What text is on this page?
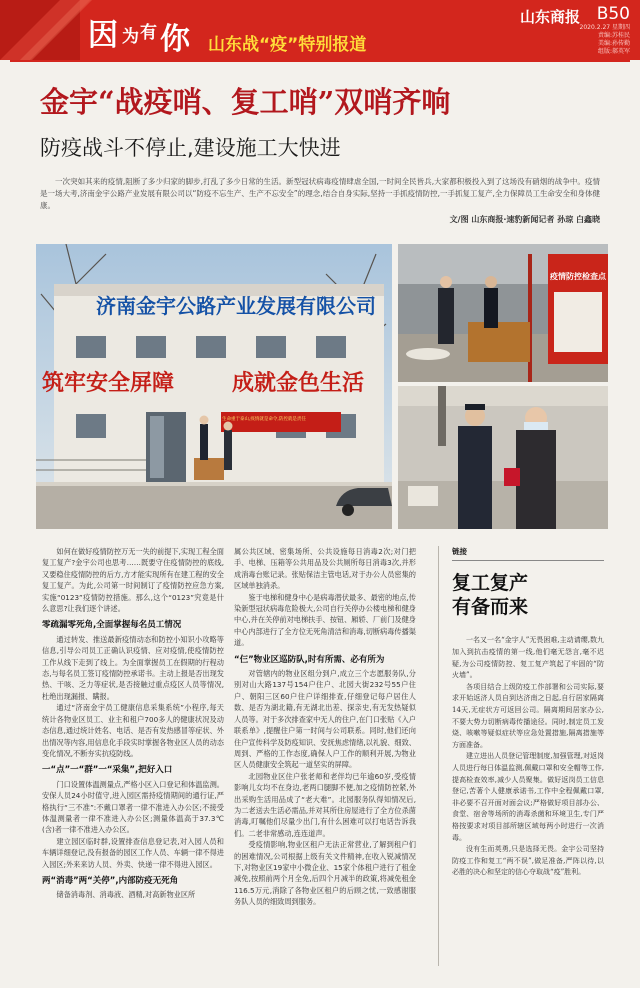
因 为 有 你 山东战“疫”特别报道
山东商报 B50
2020.2.27 星期四
责编:苏桂民
美编:孙传勤
组版:郝英军
金宇“战疫哨、复工哨”双哨齐响
防疫战斗不停止,建设施工大快进

一次突如其来的疫情,阻断了多少归家的脚步,打乱了多少日常的生活。新型冠状病毒疫情肆虐全国,一时间全民皆兵,大家都积极投入到了这场没有硝烟的战争中。疫情是一场大考,济南金宇公路产业发展有限公司以“防疫不忘生产、生产不忘安全”的理念,结合自身实际,坚持一手抓疫情防控,一手抓复工复产,全力保障员工生命安全和身体健康。

文/图 山东商报·速豹新闻记者 孙琼 白鑫晓
济南金宇公路产业发展有限公司
筑牢安全屏障	成就金色生活
生命重于泰山,疫情就是命令,防控就是责任
疫情防控检查点

如何在做好疫情防控万无一失的前提下,实现工程全面复工复产?金宇公司也思考……既要守住疫情防控的底线,又要稳住疫情防控的后方,方才能实现所有在建工程的安全复工复产。为此,公司第一时间制订了疫情防控应急方案,实施“0123”疫情防控措施。那么,这个“0123”究竟是什么意思?让我们逐个讲述。

零疏漏零死角,全面掌握每名员工情况

通过转发、推送最新疫情动态和防控小知识小攻略等信息,引导公司员工正确认识疫情、应对疫情,使疫情防控工作从线下走到了线上。为全面掌握员工在假期的行程动态,与每名员工签订疫情防控承诺书。主动上报是否出现发热、干咳、乏力等症状,是否接触过重点疫区人员等情况,杜绝出现漏报、瞒报。

通过“济南金宇员工健康信息采集系统”小程序,每天统计各物业区员工、业主和租户700多人的健康状况及动态信息,通过统计姓名、电话、是否有发热感冒等症状、外出情况等内容,用信息化手段实时掌握各物业区人员的动态变化情况,不断夯实抗疫防线。

一“点”一“群”一“采集”,把好入口

门口设置体温测量点,严格小区入口登记和体温监测。安保人员24小时值守,进入园区需持疫情期间的通行证,严格执行“三不准”:不戴口罩者一律不准进入办公区;不接受体温测量者一律不准进入办公区;测量体温高于37.3℃(含)者一律不准进入办公区。

建立园区临时群,设置排查信息登记表,对入园人员和车辆详细登记,没有报备的园区工作人员、车辆一律不得进入园区;外来来访人员、外卖、快递一律不得进入园区。

两“消毒”两“关停”,内部防疫无死角

储备消毒剂、消毒液、酒精,对高新物业区所

属公共区域、密集场所、公共设施每日消毒2次;对门把手、电梯、压箱等公共用品及公共厕所每日消毒3次,并形成消毒台账记录。张贴保洁主管电话,对于办公人员密集的区域单独消杀。

鉴于电梯和健身中心是病毒潜伏最多、最密的地点,传染新型冠状病毒危险极大,公司自行关停办公楼电梯和健身中心,并在关停前对电梯扶手、按钮、厢轿、厂前门及健身中心内部进行了全方位无死角清洁和消毒,切断病毒传播渠道。

“仨”物业区巡防队,时有所需、必有所为

对管辖内的物业区组分到户,成立三个志愿服务队,分别对山大路137号154户住户、北园大街232号55户住户、朝阳三区60户住户详细排查,仔细登记每户居住人数、是否为湖北籍,有无湖北出差、探亲史,有无发热疑似人员等。对于多次排查家中无人的住户,在门口张贴《入户联系单》,提醒住户第一时间与公司联系。同时,他们还向住户宣传科学及防疫知识、安抚焦虑情绪,以礼貌、细致、周到、严格的工作态度,确保人户工作的顺利开展,为物业区人员健康安全筑起一道坚实的屏障。

北园物业区住户张老师和老伴均已年逾60岁,受疫情影响儿女均不在身边,老两口腿脚不便,加之疫情防控紧,外出采购生活用品成了“老大难”。北园服务队得知情况后,为二老送去生活必需品,并对其所住房屋进行了全方位杀菌消毒,叮嘱他们尽量少出门,有什么困难可以打电话告诉我们。二老非常感动,连连道声。

受疫情影响,物业区租户无法正常营业,了解到租户们的困难情况,公司根据上级有关文件精神,在收入锐减情况下,对物业区19家中小微企业、15家个体租户进行了租金减免,按照前两个月全免,后四个月减半的政策,将减免租金116.5万元,消除了各物业区租户的后顾之忧,一致感谢服务队人员的细致周到服务。

链接
复工复产
有备而来

一名又一名“金宇人”无畏困难,主动请缨,数九加入到抗击疫情的第一线,他们毫无怨言,毫不迟疑,为公司疫情防控、复工复产筑起了牢固的“防火墙”。

各项目结合上级防疫工作部署和公司实际,要求开始返济人员自到达济南之日起,自行居家隔离14天,无症状方可返回公司。隔离期间居家办公,不要大势力切断病毒传播途径。同时,制定员工发烧、咳嗽等疑似症状等应急处置措施,隔离措施等方面准备。

建立进出人员登记管理制度,加强管理,对返岗人员进行每日体温监测,佩戴口罩和安全帽等工作,提高检查效率,减少人员聚集。做好返岗员工信息登记,苦著个人健康承诺书,工作中全程佩戴口罩,非必要不召开面对面会议;严格做好项目部办公、食堂、宿舍等场所的消毒杀菌和环境卫生,专门严格按要求对项目部所辖区域每两小时进行一次消毒。

没有生而英勇,只是选择无畏。金宇公司坚持防疫工作和复工“两不误”,做足准备,严阵以待,以必胜的决心和坚定的信心夺取战“疫”胜利。
